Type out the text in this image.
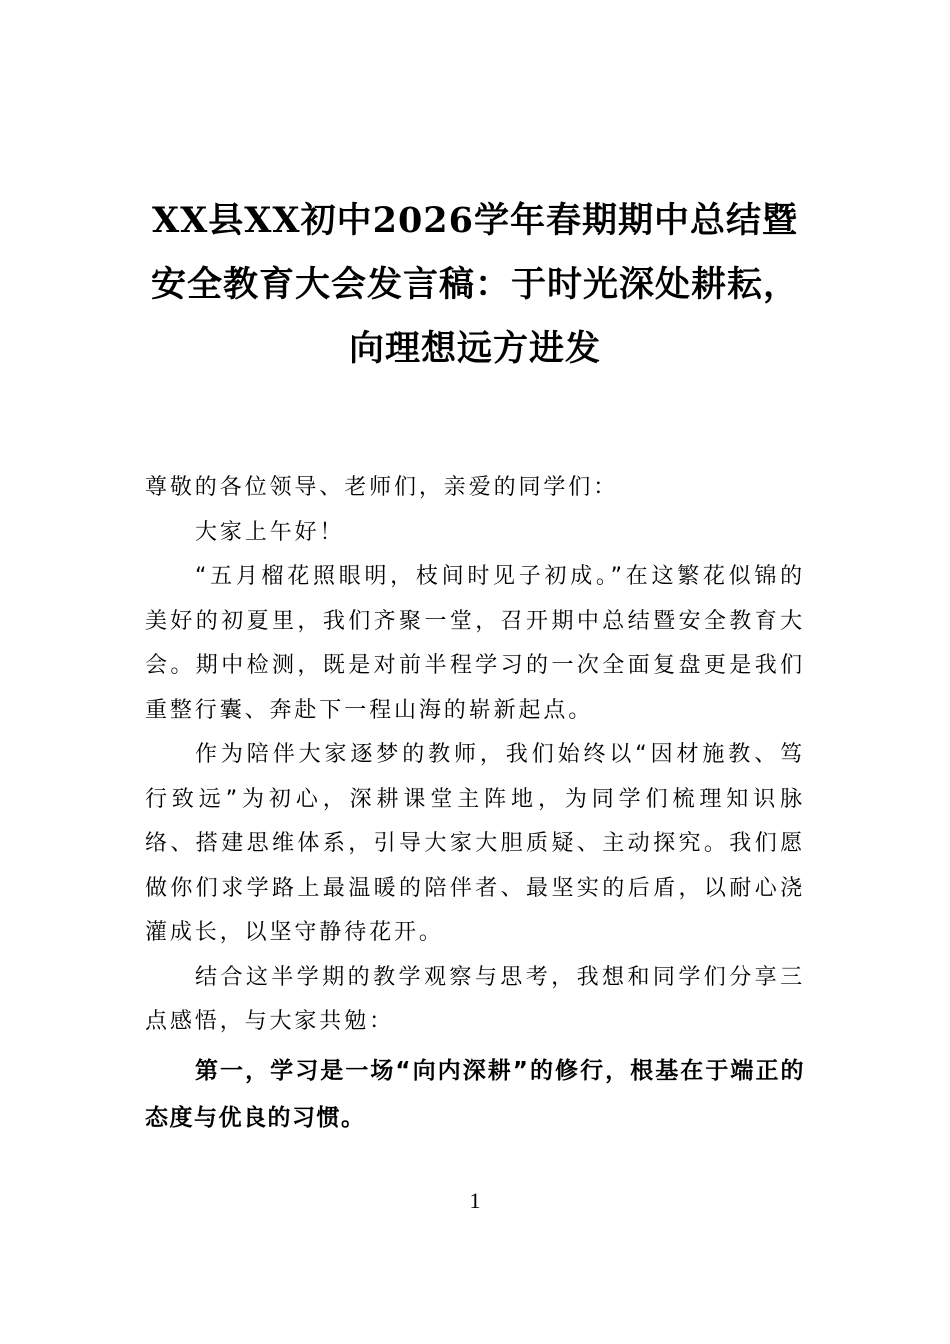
XX县XX初中2026学年春期期中总结暨
安全教育大会发言稿：于时光深处耕耘，
向理想远方进发

尊敬的各位领导、老师们，亲爱的同学们：

大家上午好！

“五月榴花照眼明，枝间时见子初成。”在这繁花似锦的美好的初夏里，我们齐聚一堂，召开期中总结暨安全教育大会。期中检测，既是对前半程学习的一次全面复盘更是我们重整行囊、奔赴下一程山海的崭新起点。

作为陪伴大家逐梦的教师，我们始终以“因材施教、笃行致远”为初心，深耕课堂主阵地，为同学们梳理知识脉络、搭建思维体系，引导大家大胆质疑、主动探究。我们愿做你们求学路上最温暖的陪伴者、最坚实的后盾，以耐心浇灌成长，以坚守静待花开。

结合这半学期的教学观察与思考，我想和同学们分享三点感悟，与大家共勉：

第一，学习是一场“向内深耕”的修行，根基在于端正的态度与优良的习惯。

1
